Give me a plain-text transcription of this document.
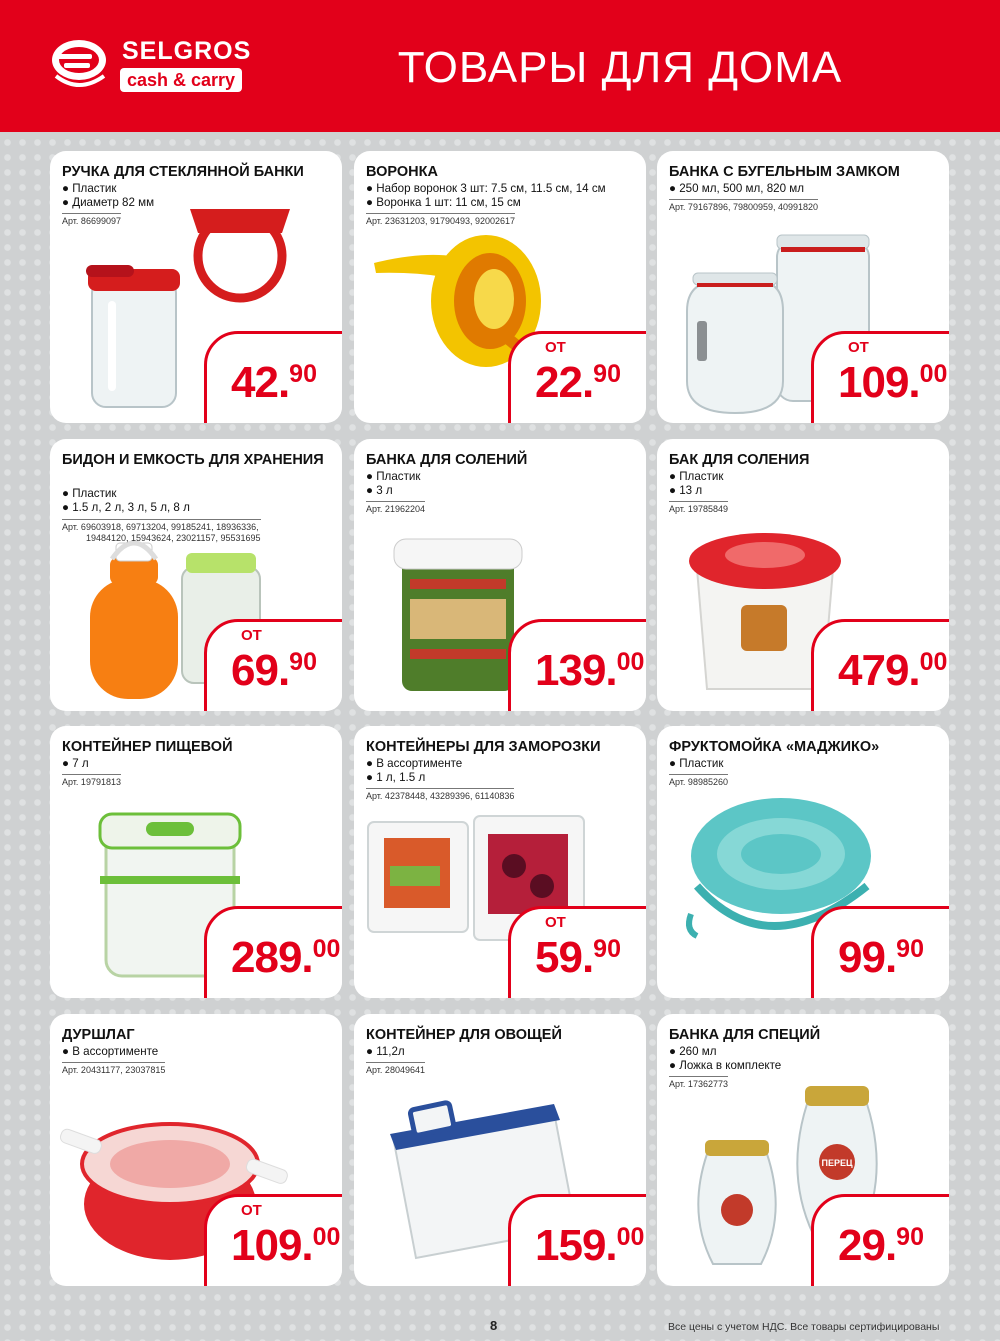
SELGROS
cash & carry	ТОВАРЫ ДЛЯ ДОМА
РУЧКА ДЛЯ СТЕКЛЯННОЙ БАНКИ
● Пластик
● Диаметр 82 мм
Арт. 86699097
42.90
ВОРОНКА
● Набор воронок 3 шт: 7.5 см, 11.5 см, 14 см
● Воронка 1 шт: 11 см, 15 см
Арт. 23631203, 91790493, 92002617
ОТ
22.90
БАНКА С БУГЕЛЬНЫМ ЗАМКОМ
● 250 мл, 500 мл, 820 мл
Арт. 79167896, 79800959, 40991820
ОТ
109.00
БИДОН И ЕМКОСТЬ ДЛЯ ХРАНЕНИЯ
● Пластик
● 1.5 л, 2 л, 3 л, 5 л, 8 л
Арт. 69603918, 69713204, 99185241, 18936336,
19484120, 15943624, 23021157, 95531695
ОТ
69.90
БАНКА ДЛЯ СОЛЕНИЙ
● Пластик
● 3 л
Арт. 21962204
139.00
БАК ДЛЯ СОЛЕНИЯ
● Пластик
● 13 л
Арт. 19785849
479.00
КОНТЕЙНЕР ПИЩЕВОЙ
● 7 л
Арт. 19791813
289.00
КОНТЕЙНЕРЫ ДЛЯ ЗАМОРОЗКИ
● В ассортименте
● 1 л, 1.5 л
Арт. 42378448, 43289396, 61140836
ОТ
59.90
ФРУКТОМОЙКА «МАДЖИКО»
● Пластик
Арт. 98985260
99.90
ДУРШЛАГ
● В ассортименте
Арт. 20431177, 23037815
ОТ
109.00
КОНТЕЙНЕР ДЛЯ ОВОЩЕЙ
● 11,2л
Арт. 28049641
159.00
ПЕРЕЦ
БАНКА ДЛЯ СПЕЦИЙ
● 260 мл
● Ложка в комплекте
Арт. 17362773
29.90
8	Все цены с учетом НДС. Все товары сертифицированы
